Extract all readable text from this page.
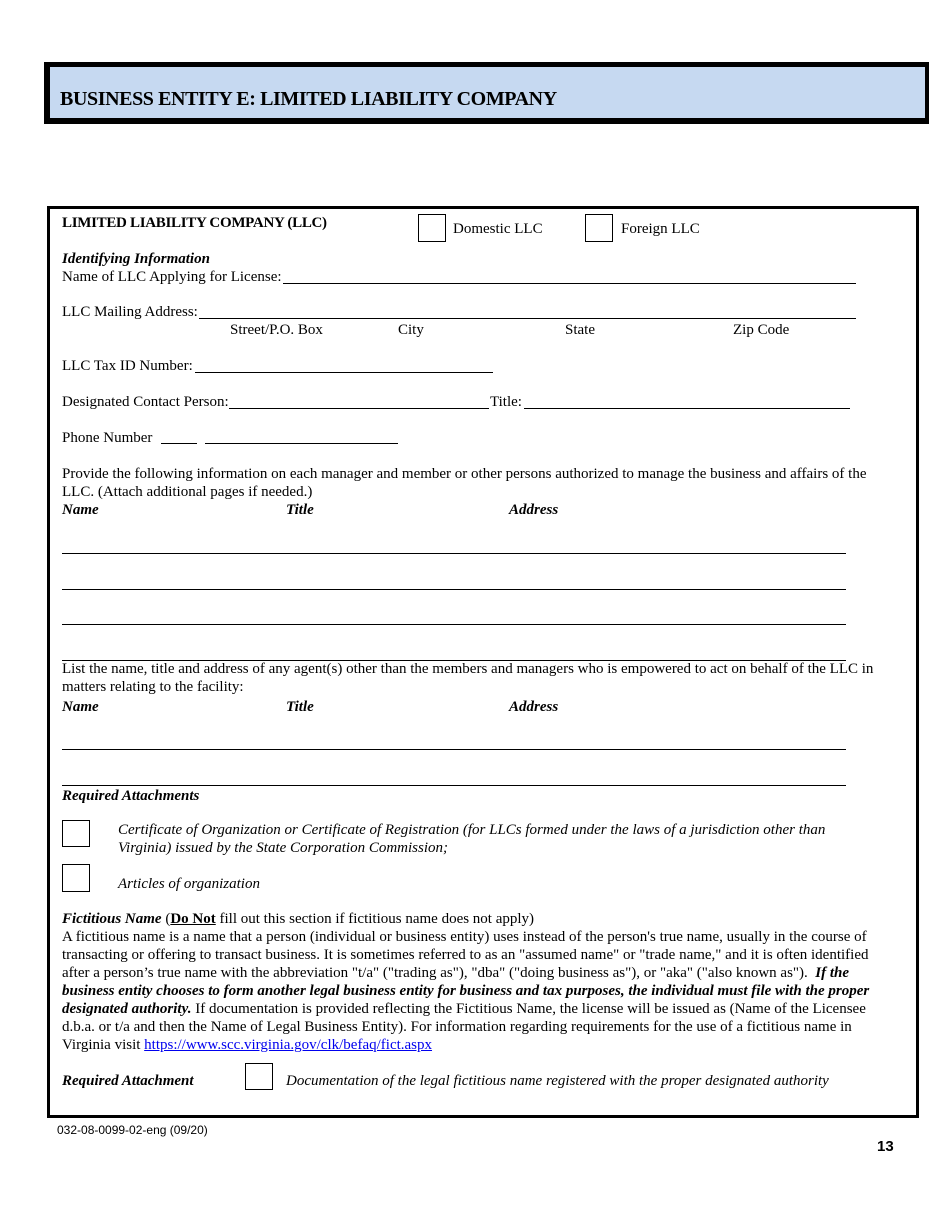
BUSINESS ENTITY E: LIMITED LIABILITY COMPANY
LIMITED LIABILITY COMPANY (LLC)	Domestic LLC	Foreign LLC
Identifying Information
Name of LLC Applying for License:
LLC Mailing Address:
Street/P.O. Box	City	State	Zip Code
LLC Tax ID Number:
Designated Contact Person:	Title:
Phone Number
Provide the following information on each manager and member or other persons authorized to manage the business and affairs of the
LLC. (Attach additional pages if needed.)
Name	Title	Address
List the name, title and address of any agent(s) other than the members and managers who is empowered to act on behalf of the LLC in
matters relating to the facility:
Name	Title	Address
Required Attachments
Certificate of Organization or Certificate of Registration (for LLCs formed under the laws of a jurisdiction other than
Virginia) issued by the State Corporation Commission;
Articles of organization
Fictitious Name (Do Not fill out this section if fictitious name does not apply)
A fictitious name is a name that a person (individual or business entity) uses instead of the person's true name, usually in the course of
transacting or offering to transact business. It is sometimes referred to as an "assumed name" or "trade name," and it is often identified
after a person’s true name with the abbreviation "t/a" ("trading as"), "dba" ("doing business as"), or "aka" ("also known as"). If the
business entity chooses to form another legal business entity for business and tax purposes, the individual must file with the proper
designated authority. If documentation is provided reflecting the Fictitious Name, the license will be issued as (Name of the Licensee
d.b.a. or t/a and then the Name of Legal Business Entity). For information regarding requirements for the use of a fictitious name in
Virginia visit https://www.scc.virginia.gov/clk/befaq/fict.aspx
Required Attachment	Documentation of the legal fictitious name registered with the proper designated authority
032-08-0099-02-eng (09/20)
13
